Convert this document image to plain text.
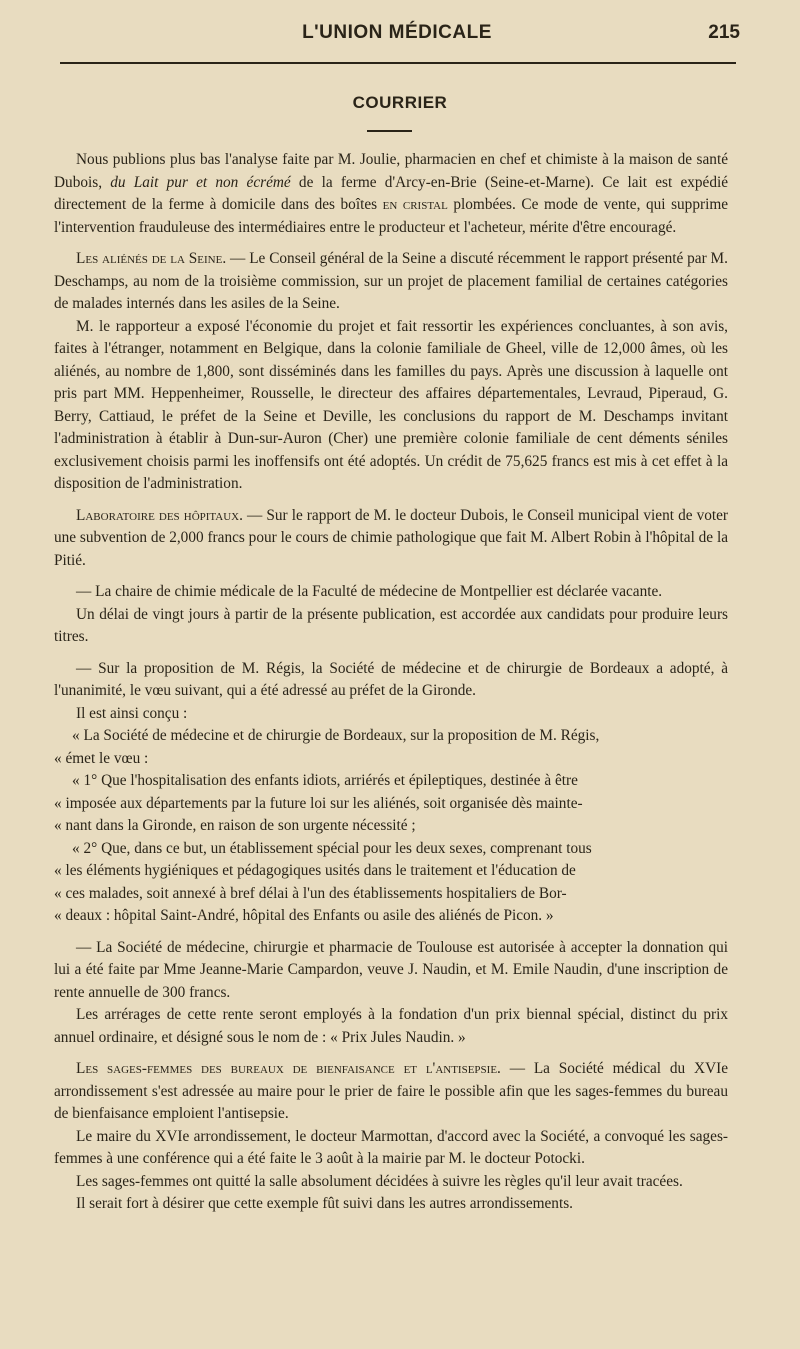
L'UNION MÉDICALE	215
COURRIER

Nous publions plus bas l'analyse faite par M. Joulie, pharmacien en chef et chimiste à la maison de santé Dubois, du Lait pur et non écrémé de la ferme d'Arcy-en-Brie (Seine-et-Marne). Ce lait est expédié directement de la ferme à domicile dans des boîtes en cristal plombées. Ce mode de vente, qui supprime l'intervention frauduleuse des intermédiaires entre le producteur et l'acheteur, mérite d'être encouragé.

Les aliénés de la Seine. — Le Conseil général de la Seine a discuté récemment le rapport présenté par M. Deschamps, au nom de la troisième commission, sur un projet de placement familial de certaines catégories de malades internés dans les asiles de la Seine.

M. le rapporteur a exposé l'économie du projet et fait ressortir les expériences concluantes, à son avis, faites à l'étranger, notamment en Belgique, dans la colonie familiale de Gheel, ville de 12,000 âmes, où les aliénés, au nombre de 1,800, sont disséminés dans les familles du pays. Après une discussion à laquelle ont pris part MM. Heppenheimer, Rousselle, le directeur des affaires départementales, Levraud, Piperaud, G. Berry, Cattiaud, le préfet de la Seine et Deville, les conclusions du rapport de M. Deschamps invitant l'administration à établir à Dun-sur-Auron (Cher) une première colonie familiale de cent déments séniles exclusivement choisis parmi les inoffensifs ont été adoptés. Un crédit de 75,625 francs est mis à cet effet à la disposition de l'administration.

Laboratoire des hôpitaux. — Sur le rapport de M. le docteur Dubois, le Conseil municipal vient de voter une subvention de 2,000 francs pour le cours de chimie pathologique que fait M. Albert Robin à l'hôpital de la Pitié.

— La chaire de chimie médicale de la Faculté de médecine de Montpellier est déclarée vacante.

Un délai de vingt jours à partir de la présente publication, est accordée aux candidats pour produire leurs titres.

— Sur la proposition de M. Régis, la Société de médecine et de chirurgie de Bordeaux a adopté, à l'unanimité, le vœu suivant, qui a été adressé au préfet de la Gironde.

Il est ainsi conçu :

« La Société de médecine et de chirurgie de Bordeaux, sur la proposition de M. Régis,

« émet le vœu :

« 1° Que l'hospitalisation des enfants idiots, arriérés et épileptiques, destinée à être

« imposée aux départements par la future loi sur les aliénés, soit organisée dès mainte-

« nant dans la Gironde, en raison de son urgente nécessité ;

« 2° Que, dans ce but, un établissement spécial pour les deux sexes, comprenant tous

« les éléments hygiéniques et pédagogiques usités dans le traitement et l'éducation de

« ces malades, soit annexé à bref délai à l'un des établissements hospitaliers de Bor-

« deaux : hôpital Saint-André, hôpital des Enfants ou asile des aliénés de Picon. »

— La Société de médecine, chirurgie et pharmacie de Toulouse est autorisée à accepter la donnation qui lui a été faite par Mme Jeanne-Marie Campardon, veuve J. Naudin, et M. Emile Naudin, d'une inscription de rente annuelle de 300 francs.

Les arrérages de cette rente seront employés à la fondation d'un prix biennal spécial, distinct du prix annuel ordinaire, et désigné sous le nom de : « Prix Jules Naudin. »

Les sages-femmes des bureaux de bienfaisance et l'antisepsie. — La Société médical du XVIe arrondissement s'est adressée au maire pour le prier de faire le possible afin que les sages-femmes du bureau de bienfaisance emploient l'antisepsie.

Le maire du XVIe arrondissement, le docteur Marmottan, d'accord avec la Société, a convoqué les sages-femmes à une conférence qui a été faite le 3 août à la mairie par M. le docteur Potocki.

Les sages-femmes ont quitté la salle absolument décidées à suivre les règles qu'il leur avait tracées.

Il serait fort à désirer que cette exemple fût suivi dans les autres arrondissements.
